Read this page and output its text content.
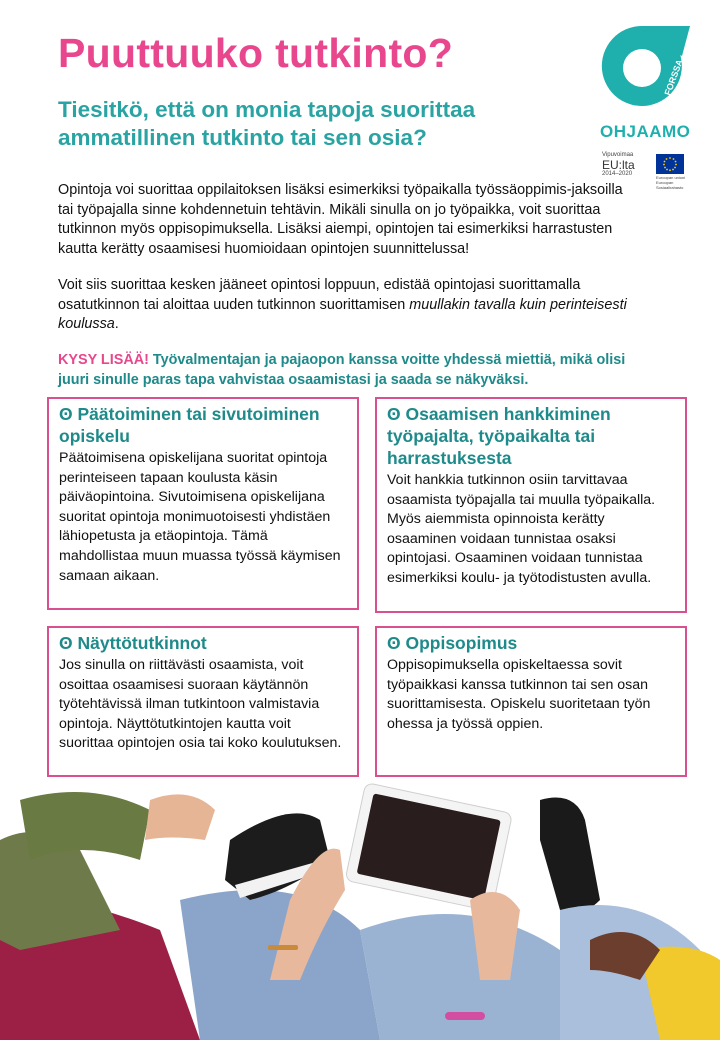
Puuttuuko tutkinto?
Tiesitkö, että on monia tapoja suorittaa ammatillinen tutkinto tai sen osia?
FORSSA
OHJAAMO
Vipuvoimaa
EU:lta
2014–2020
Euroopan unioni Euroopan Sosiaalirahasto

Opintoja voi suorittaa oppilaitoksen lisäksi esimerkiksi työpaikalla työssäoppimis-jaksoilla tai työpajalla sinne kohdennetuin tehtävin. Mikäli sinulla on jo työpaikka, voit suorittaa tutkinnon myös oppisopimuksella. Lisäksi aiempi, opintojen tai esimerkiksi harrastusten kautta kerätty osaamisesi huomioidaan opintojen suunnittelussa!

Voit siis suorittaa kesken jääneet opintosi loppuun, edistää opintojasi suorittamalla osatutkinnon tai aloittaa uuden tutkinnon suorittamisen muullakin tavalla kuin perinteisesti koulussa.

KYSY LISÄÄ! Työvalmentajan ja pajaopon kanssa voitte yhdessä miettiä, mikä olisi juuri sinulle paras tapa vahvistaa osaamistasi ja saada se näkyväksi.

ʘ Päätoiminen tai sivutoiminen opiskelu

Päätoimisena opiskelijana suoritat opintoja perinteiseen tapaan koulusta käsin päiväopintoina. Sivutoimisena opiskelijana suoritat opintoja monimuotoisesti yhdistäen lähiopetusta ja etäopintoja. Tämä mahdollistaa muun muassa työssä käymisen samaan aikaan.

ʘ Osaamisen hankkiminen työpajalta, työpaikalta tai harrastuksesta

Voit hankkia tutkinnon osiin tarvittavaa osaamista työpajalla tai muulla työpaikalla. Myös aiemmista opinnoista kerätty osaaminen voidaan tunnistaa osaksi opintojasi. Osaaminen voidaan tunnistaa esimerkiksi koulu- ja työtodistusten avulla.

ʘ Näyttötutkinnot

Jos sinulla on riittävästi osaamista, voit osoittaa osaamisesi suoraan käytännön työtehtävissä ilman tutkintoon valmistavia opintoja. Näyttötutkintojen kautta voit suorittaa opintojen osia tai koko koulutuksen.

ʘ Oppisopimus

Oppisopimuksella opiskeltaessa sovit työpaikkasi kanssa tutkinnon tai sen osan suorittamisesta. Opiskelu suoritetaan työn ohessa ja työssä oppien.
